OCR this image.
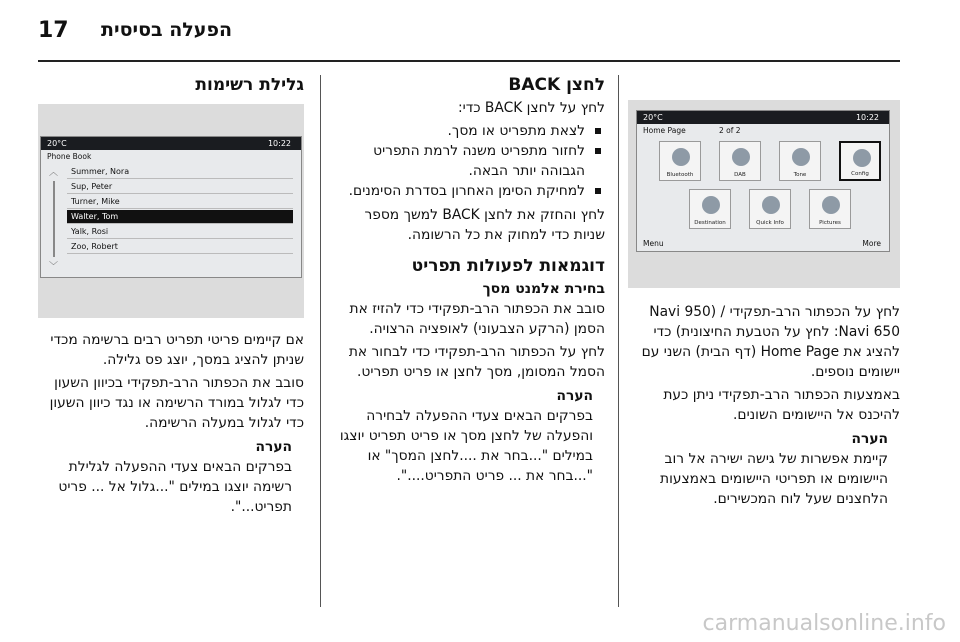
17 הפעלה בסיסית
20°C	10:22
Home Page	2 of 2
Bluetooth	DAB	Tone	Config
Destination	Quick Info	Pictures
Menu	More

לחץ על הכפתור הרב-תפקידי / Navi 950) Navi 650: לחץ על הטבעת החיצונית) כדי להציג את Home Page (דף הבית) השני עם יישומים נוספים.

באמצעות הכפתור הרב-תפקידי ניתן כעת להיכנס אל היישומים השונים.

הערה

קיימת אפשרות של גישה ישירה אל רוב היישומים או תפריטי היישומים באמצעות הלחצנים שעל לוח המכשירים.

לחצן BACK

לחץ על לחצן BACK כדי:

לצאת מתפריט או מסך.
לחזור מתפריט משנה לרמת התפריט הגבוהה יותר הבאה.
למחיקת הסימן האחרון בסדרת הסימנים.

לחץ והחזק את לחצן BACK למשך מספר שניות כדי למחוק את כל הרשומה.

דוגמאות לפעולות תפריט
בחירת אלמנט מסך

סובב את הכפתור הרב-תפקידי כדי להזיז את הסמן (הרקע הצבעוני) לאופציה הרצויה.

לחץ על הכפתור הרב-תפקידי כדי לבחור את הסמל המסומן, מסך לחצן או פריט תפריט.

הערה

בפרקים הבאים צעדי ההפעלה לבחירה והפעלה של לחצן מסך או פריט תפריט יוצגו במילים "...בחר את ....לחצן המסך" או "...בחר את ... פריט התפריט....".

גלילת רשימות
20°C	10:22
Phone Book
︿
﹀
Summer, Nora
Sup, Peter
Turner, Mike
Walter, Tom
Yalk, Rosi
Zoo, Robert

אם קיימים פריטי תפריט רבים ברשימה מכדי שניתן להציג במסך, יוצג פס גלילה.

סובב את הכפתור הרב-תפקידי בכיוון השעון כדי לגלול במורד הרשימה או נגד כיוון השעון כדי לגלול במעלה הרשימה.

הערה

בפרקים הבאים צעדי ההפעלה לגלילת רשימה יוצגו במילים "...גלול אל ... פריט תפריט...".

carmanualsonline.info
